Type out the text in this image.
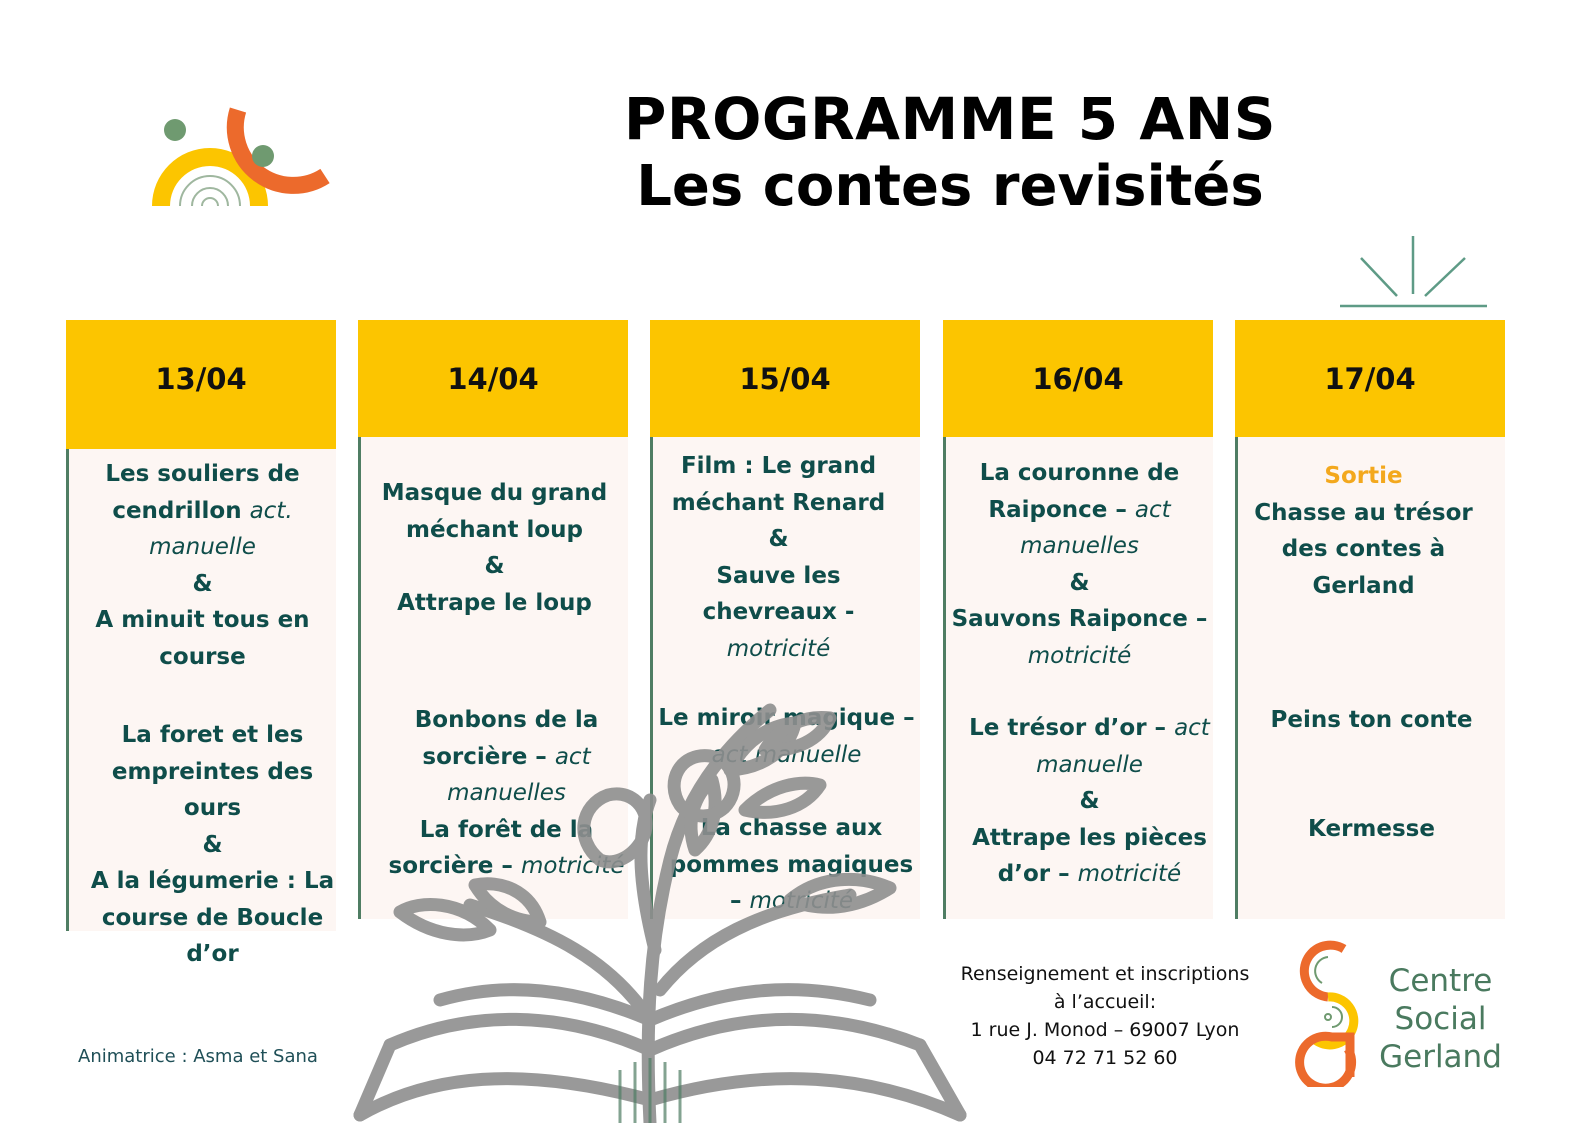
PROGRAMME 5 ANS
Les contes revisités
13/04
Les souliers de
cendrillon act.
manuelle
&
A minuit tous en
course
La foret et les
empreintes des
ours
&
A la légumerie : La
course de Boucle
d’or
14/04
Masque du grand
méchant loup
&
Attrape le loup
Bonbons de la
sorcière – act
manuelles
La forêt de la
sorcière – motricité
15/04
Film : Le grand
méchant Renard
&
Sauve les
chevreaux -
motricité
Le miroir magique –
act manuelle
La chasse aux
pommes magiques
– motricité
16/04
La couronne de
Raiponce – act
manuelles
&
Sauvons Raiponce –
motricité
Le trésor d’or – act
manuelle
&
Attrape les pièces
d’or – motricité
17/04
Sortie
Chasse au trésor
des contes à
Gerland
Peins ton conte
Kermesse
Animatrice : Asma et Sana
Renseignement et inscriptions
à l’accueil:
1 rue J. Monod – 69007 Lyon
04 72 71 52 60
Centre
Social
Gerland
